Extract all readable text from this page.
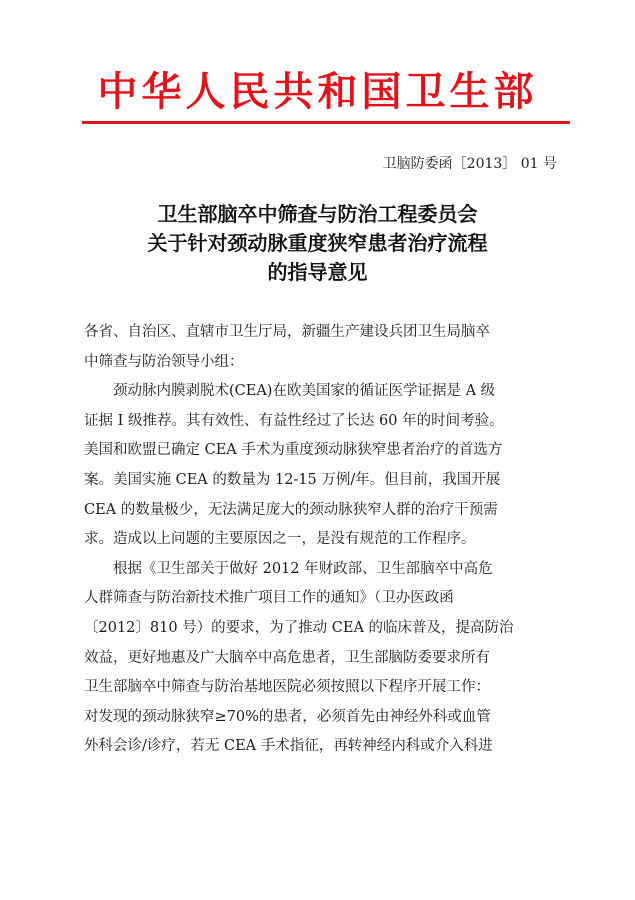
中华人民共和国卫生部
卫脑防委函［2013］ 01 号
卫生部脑卒中筛查与防治工程委员会
关于针对颈动脉重度狭窄患者治疗流程
的指导意见
各省、自治区、直辖市卫生厅局，新疆生产建设兵团卫生局脑卒
中筛查与防治领导小组：
颈动脉内膜剥脱术(CEA)在欧美国家的循证医学证据是 A 级
证据 I 级推荐。其有效性、有益性经过了长达 60 年的时间考验。
美国和欧盟已确定 CEA 手术为重度颈动脉狭窄患者治疗的首选方
案。美国实施 CEA 的数量为 12-15 万例/年。但目前，我国开展
CEA 的数量极少，无法满足庞大的颈动脉狭窄人群的治疗干预需
求。造成以上问题的主要原因之一，是没有规范的工作程序。
根据《卫生部关于做好 2012 年财政部、卫生部脑卒中高危
人群筛查与防治新技术推广项目工作的通知》（卫办医政函
〔2012〕810 号）的要求，为了推动 CEA 的临床普及，提高防治
效益，更好地惠及广大脑卒中高危患者，卫生部脑防委要求所有
卫生部脑卒中筛查与防治基地医院必须按照以下程序开展工作：
对发现的颈动脉狭窄≥70%的患者，必须首先由神经外科或血管
外科会诊/诊疗，若无 CEA 手术指征，再转神经内科或介入科进
